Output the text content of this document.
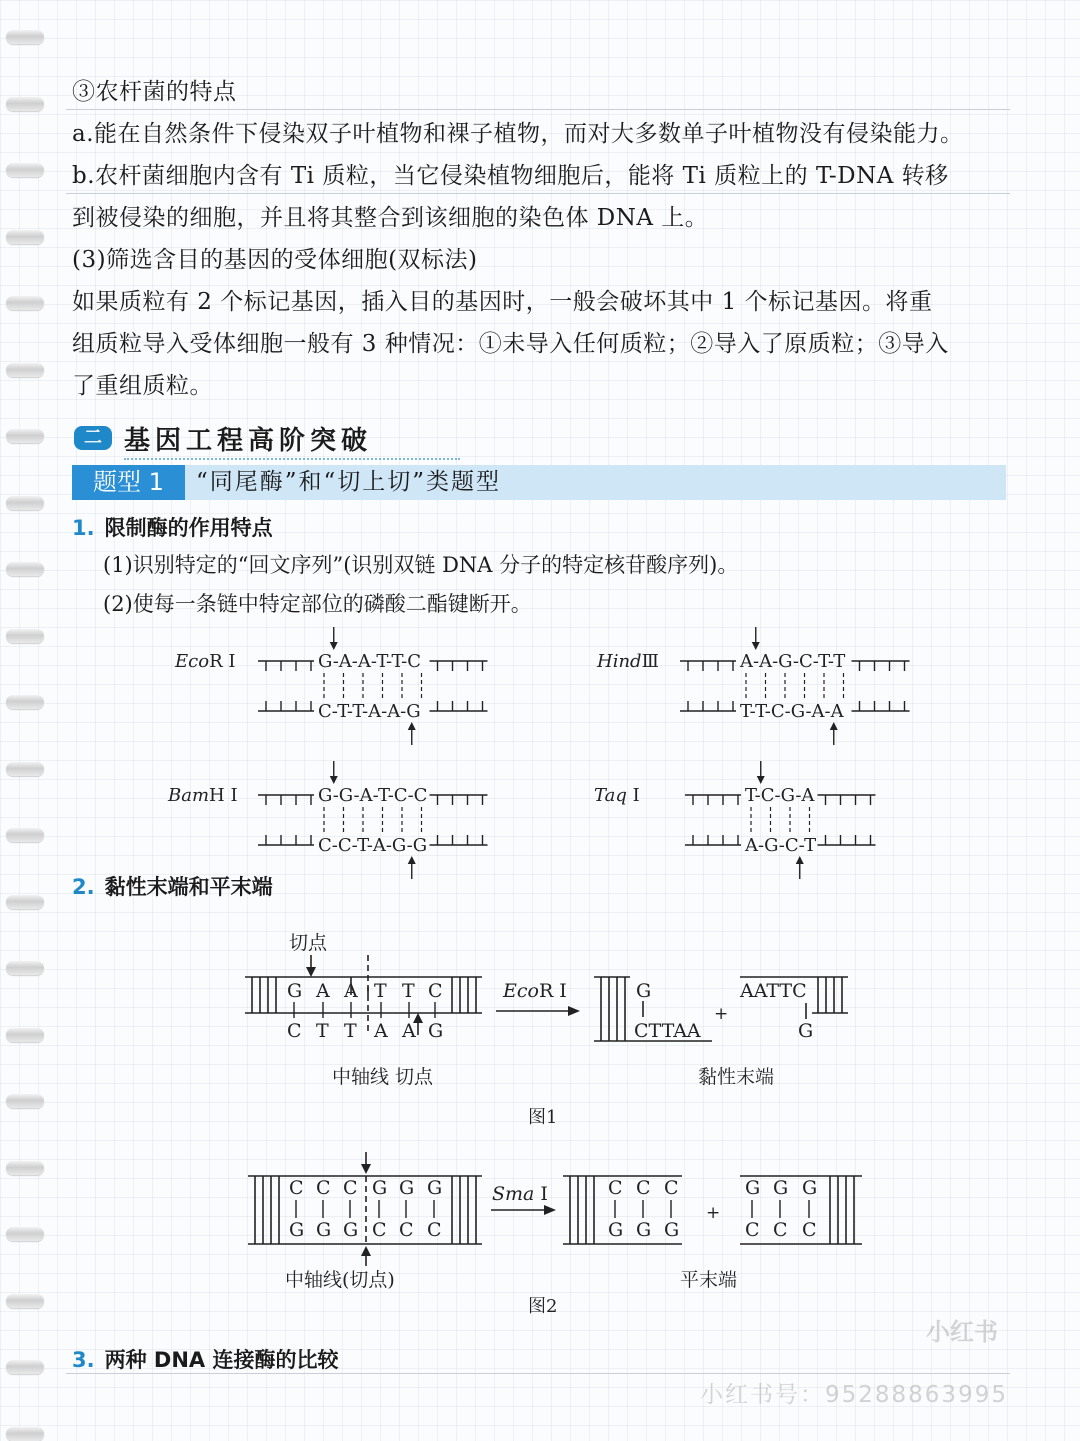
③农杆菌的特点
a.能在自然条件下侵染双子叶植物和裸子植物，而对大多数单子叶植物没有侵染能力。
b.农杆菌细胞内含有 Ti 质粒，当它侵染植物细胞后，能将 Ti 质粒上的 T-DNA 转移
到被侵染的细胞，并且将其整合到该细胞的染色体 DNA 上。
(3)筛选含目的基因的受体细胞(双标法)
如果质粒有 2 个标记基因，插入目的基因时，一般会破坏其中 1 个标记基因。将重
组质粒导入受体细胞一般有 3 种情况：①未导入任何质粒；②导入了原质粒；③导入
了重组质粒。
二 基因工程高阶突破
题型 1	“同尾酶”和“切上切”类题型
1. 限制酶的作用特点
(1)识别特定的“回文序列”(识别双链 DNA 分子的特定核苷酸序列)。
(2)使每一条链中特定部位的磷酸二酯键断开。
EcoR Ⅰ	G-A-A-T-T-C
C-T-T-A-A-G
HindⅢ	A-A-G-C-T-T
T-T-C-G-A-A
BamH Ⅰ	G-G-A-T-C-C
C-C-T-A-G-G
Taq Ⅰ	T-C-G-A
A-G-C-T
2. 黏性末端和平末端
切点
G A A T T C
C T T A A G
EcoR Ⅰ	G
CTTAA
+
AATTC
G
中轴线 切点	黏性末端
图1
C C C G G G
G G G C C C
C C C
G G G
G G G
C C C
Sma Ⅰ
+
中轴线(切点)	平末端
图2
3. 两种 DNA 连接酶的比较
小红书
小红书号：95288863995
